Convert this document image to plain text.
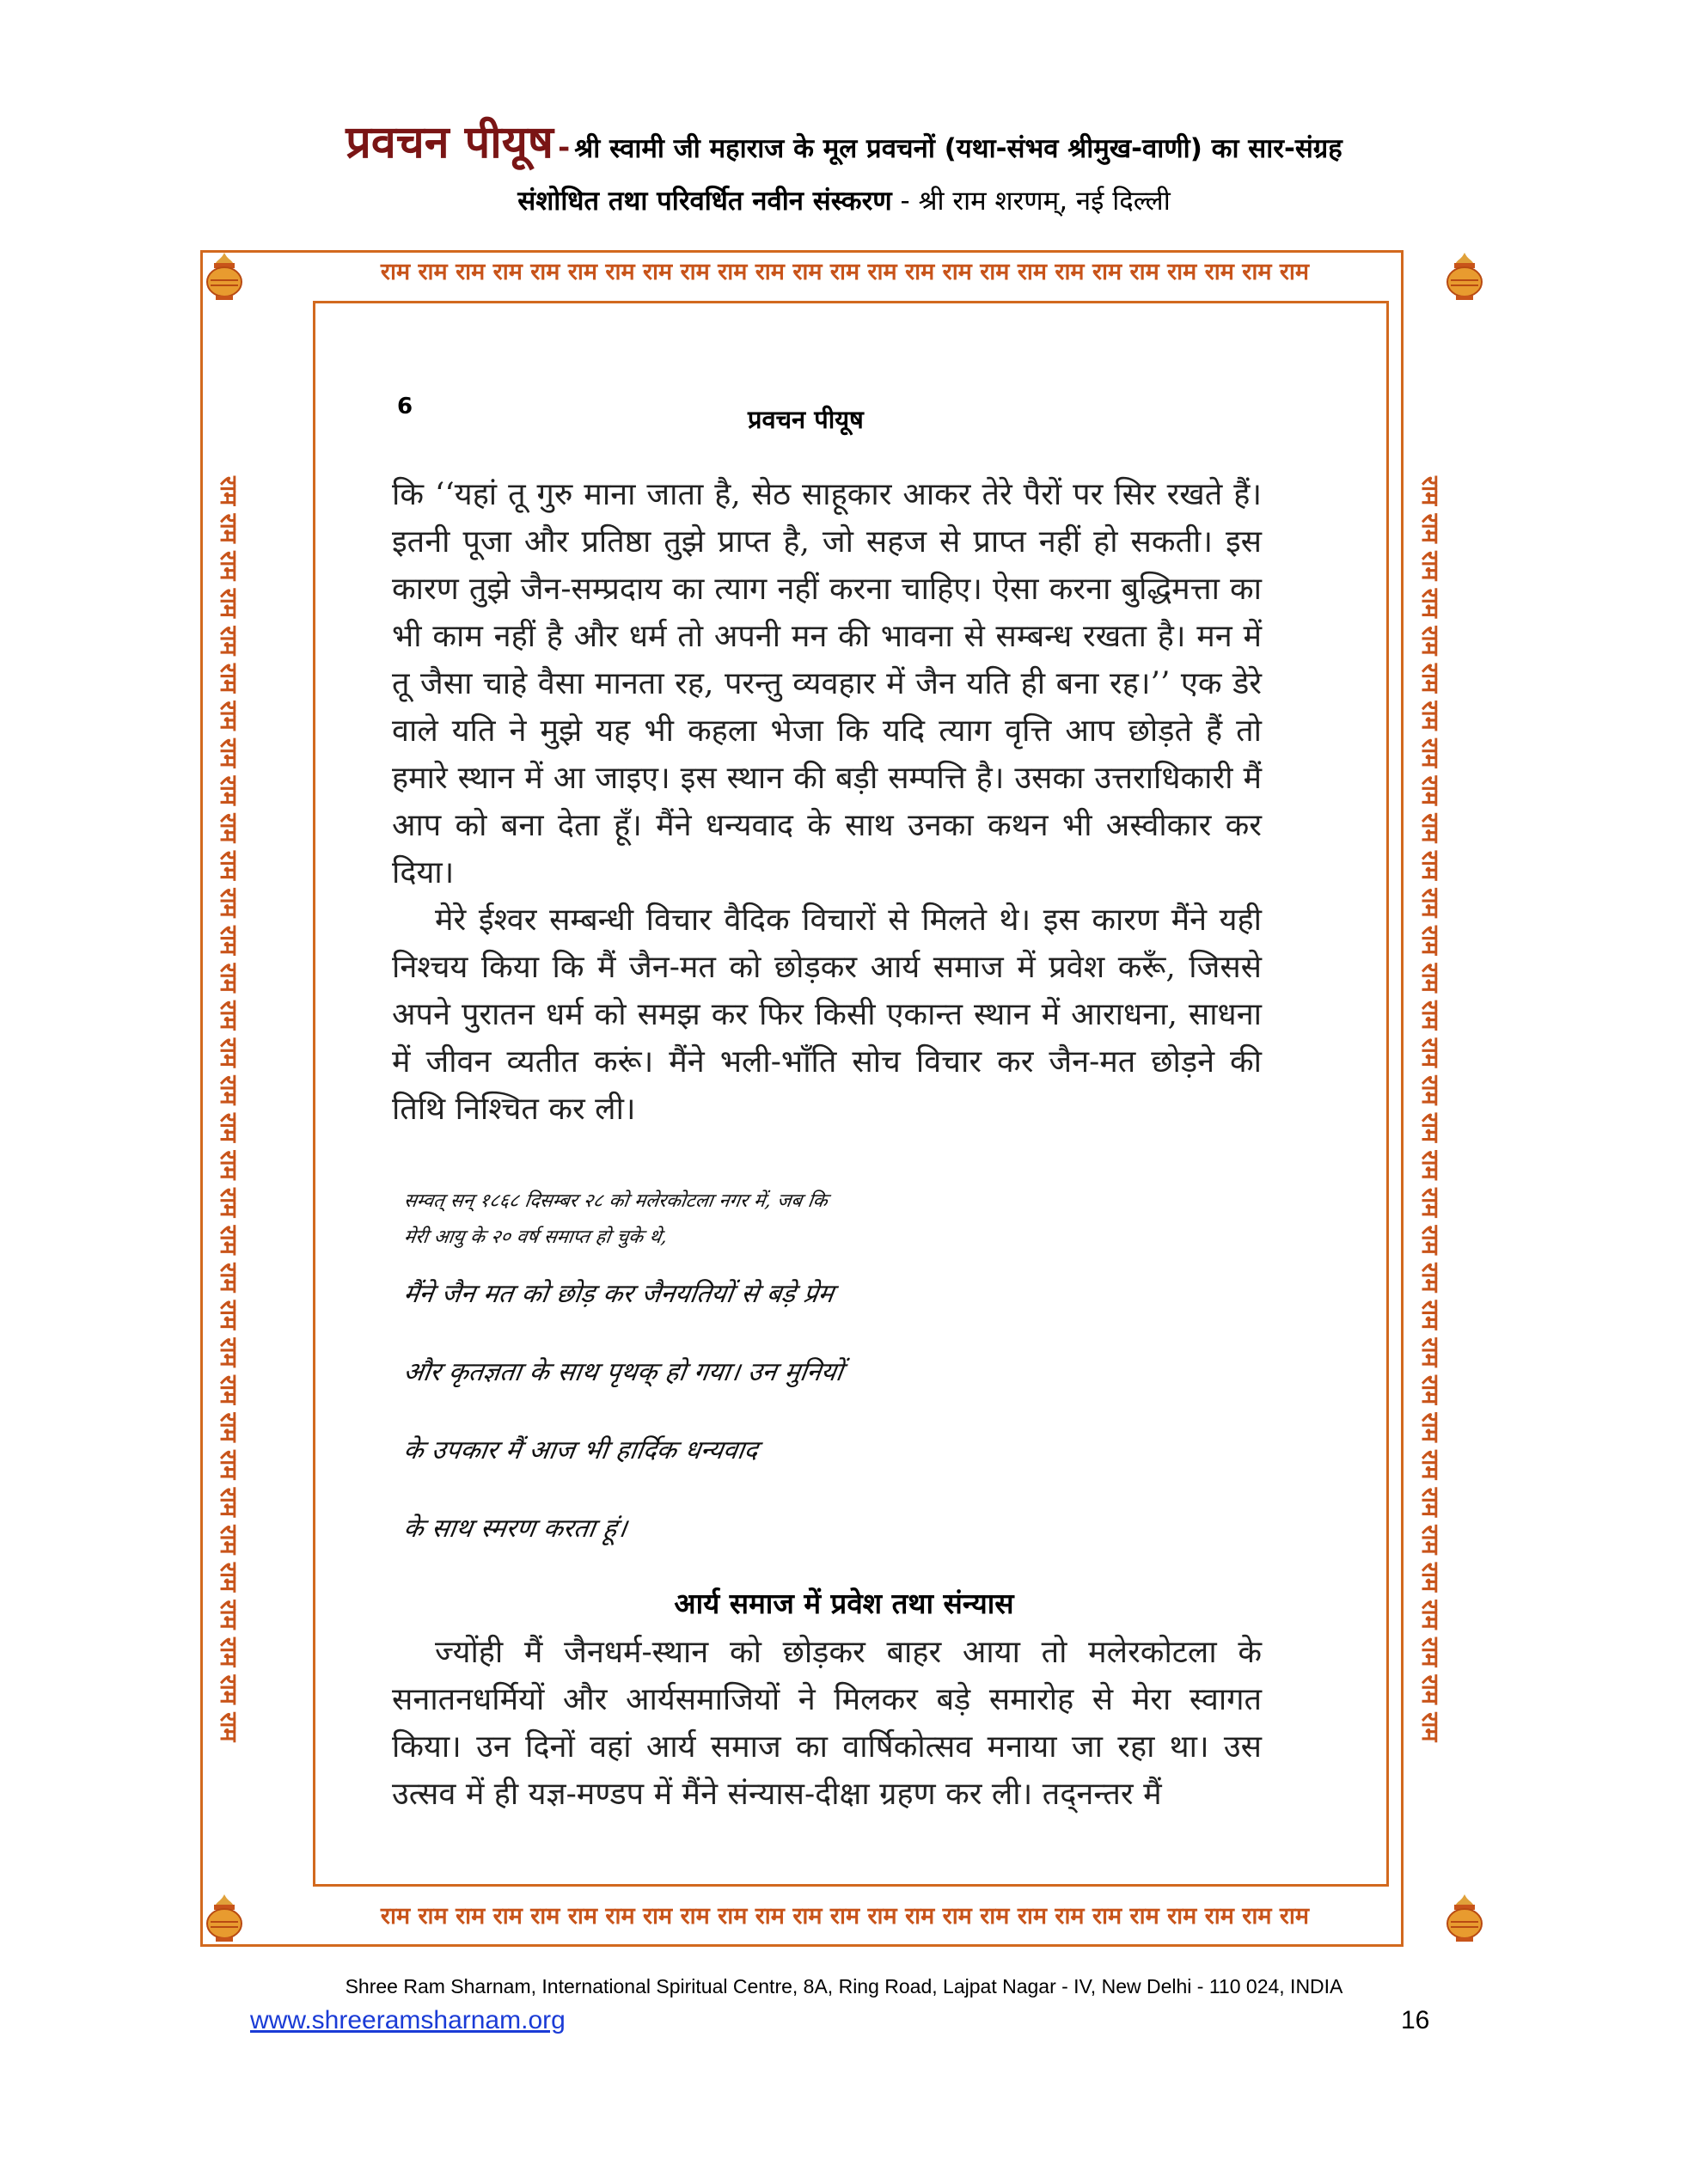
प्रवचन पीयूष - श्री स्वामी जी महाराज के मूल प्रवचनों (यथा-संभव श्रीमुख-वाणी) का सार-संग्रह
संशोधित तथा परिवर्धित नवीन संस्करण - श्री राम शरणम्, नई दिल्ली
राम राम राम राम राम राम राम राम राम राम राम राम राम राम राम राम राम राम राम राम राम राम राम राम राम
राम राम राम राम राम राम राम राम राम राम राम राम राम राम राम राम राम राम राम राम राम राम राम राम राम
राम राम राम राम राम राम राम राम राम राम राम राम राम राम राम राम राम राम राम राम राम राम राम राम राम राम राम राम राम राम राम राम राम राम	राम राम राम राम राम राम राम राम राम राम राम राम राम राम राम राम राम राम राम राम राम राम राम राम राम राम राम राम राम राम राम राम राम राम
6	प्रवचन पीयूष

कि ‘‘यहां तू गुरु माना जाता है, सेठ साहूकार आकर तेरे पैरों पर सिर रखते हैं। इतनी पूजा और प्रतिष्ठा तुझे प्राप्त है, जो सहज से प्राप्त नहीं हो सकती। इस कारण तुझे जैन-सम्प्रदाय का त्याग नहीं करना चाहिए। ऐसा करना बुद्धिमत्ता का भी काम नहीं है और धर्म तो अपनी मन की भावना से सम्बन्ध रखता है। मन में तू जैसा चाहे वैसा मानता रह, परन्तु व्यवहार में जैन यति ही बना रह।’’ एक डेरे वाले यति ने मुझे यह भी कहला भेजा कि यदि त्याग वृत्ति आप छोड़ते हैं तो हमारे स्थान में आ जाइए। इस स्थान की बड़ी सम्पत्ति है। उसका उत्तराधिकारी मैं आप को बना देता हूँ। मैंने धन्यवाद के साथ उनका कथन भी अस्वीकार कर दिया।

मेरे ईश्वर सम्बन्धी विचार वैदिक विचारों से मिलते थे। इस कारण मैंने यही निश्चय किया कि मैं जैन-मत को छोड़कर आर्य समाज में प्रवेश करूँ, जिससे अपने पुरातन धर्म को समझ कर फिर किसी एकान्त स्थान में आराधना, साधना में जीवन व्यतीत करूं। मैंने भली-भाँति सोच विचार कर जैन-मत छोड़ने की तिथि निश्चित कर ली।

सम्वत् सन् १८६८ दिसम्बर २८ को मलेरकोटला नगर में, जब कि
मेरी आयु के २० वर्ष समाप्त हो चुके थे,
मैंने जैन मत को छोड़ कर जैनयतियों से बड़े प्रेम
और कृतज्ञता के साथ पृथक् हो गया। उन मुनियों
के उपकार मैं आज भी हार्दिक धन्यवाद
के साथ स्मरण करता हूं।
आर्य समाज में प्रवेश तथा संन्यास

ज्योंही मैं जैनधर्म-स्थान को छोड़कर बाहर आया तो मलेरकोटला के सनातनधर्मियों और आर्यसमाजियों ने मिलकर बड़े समारोह से मेरा स्वागत किया। उन दिनों वहां आर्य समाज का वार्षिकोत्सव मनाया जा रहा था। उस उत्सव में ही यज्ञ-मण्डप में मैंने संन्यास-दीक्षा ग्रहण कर ली। तद्नन्तर मैं

Shree Ram Sharnam, International Spiritual Centre, 8A, Ring Road, Lajpat Nagar - IV, New Delhi - 110 024, INDIA
www.shreeramsharnam.org	16
